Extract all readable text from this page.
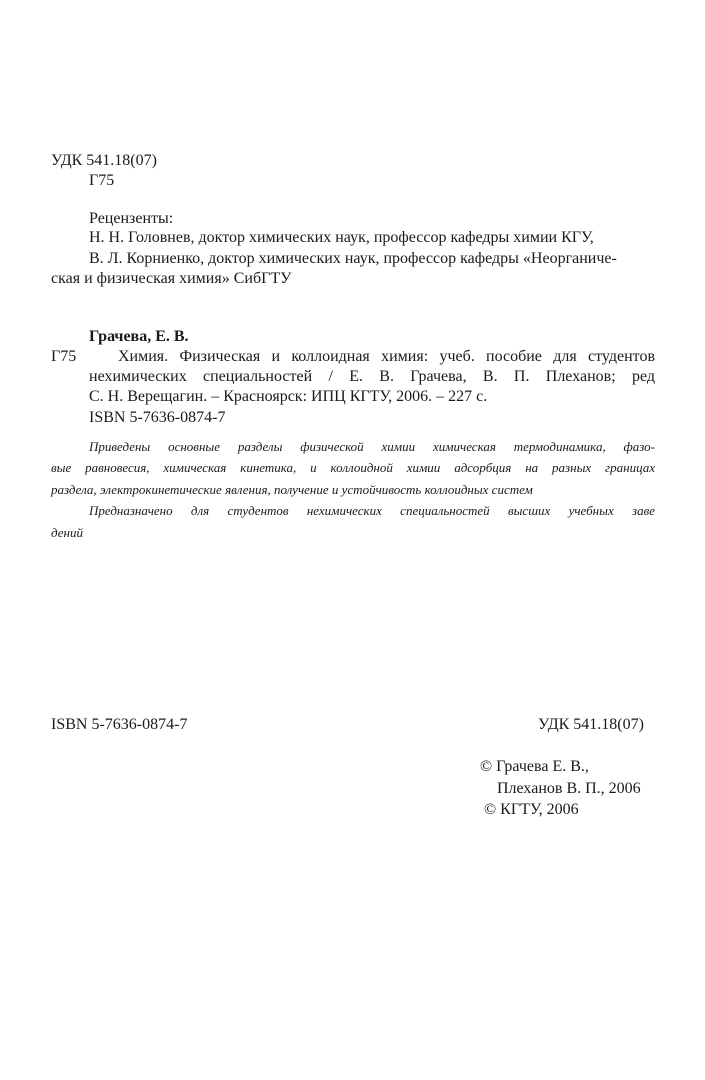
УДК 541.18(07)
Г75
Рецензенты:
Н. Н. Головнев, доктор химических наук, профессор кафедры химии КГУ,
В. Л. Корниенко, доктор химических наук, профессор кафедры «Неорганиче-
ская и физическая химия» СибГТУ
Грачева, Е. В.
Г75	Химия. Физическая и коллоидная химия: учеб. пособие для студентов
нехимических специальностей / Е. В. Грачева, В. П. Плеханов; ред
С. Н. Верещагин. – Красноярск: ИПЦ КГТУ, 2006. – 227 с.
ISBN 5-7636-0874-7
Приведены основные разделы физической химии химическая термодинамика, фазо-
вые равновесия, химическая кинетика, и коллоидной химии адсорбция на разных границах
раздела, электрокинетические явления, получение и устойчивость коллоидных систем
Предназначено для студентов нехимических специальностей высших учебных заве
дений
ISBN 5-7636-0874-7	УДК 541.18(07)
© Грачева Е. В.,
Плеханов В. П., 2006
© КГТУ, 2006
